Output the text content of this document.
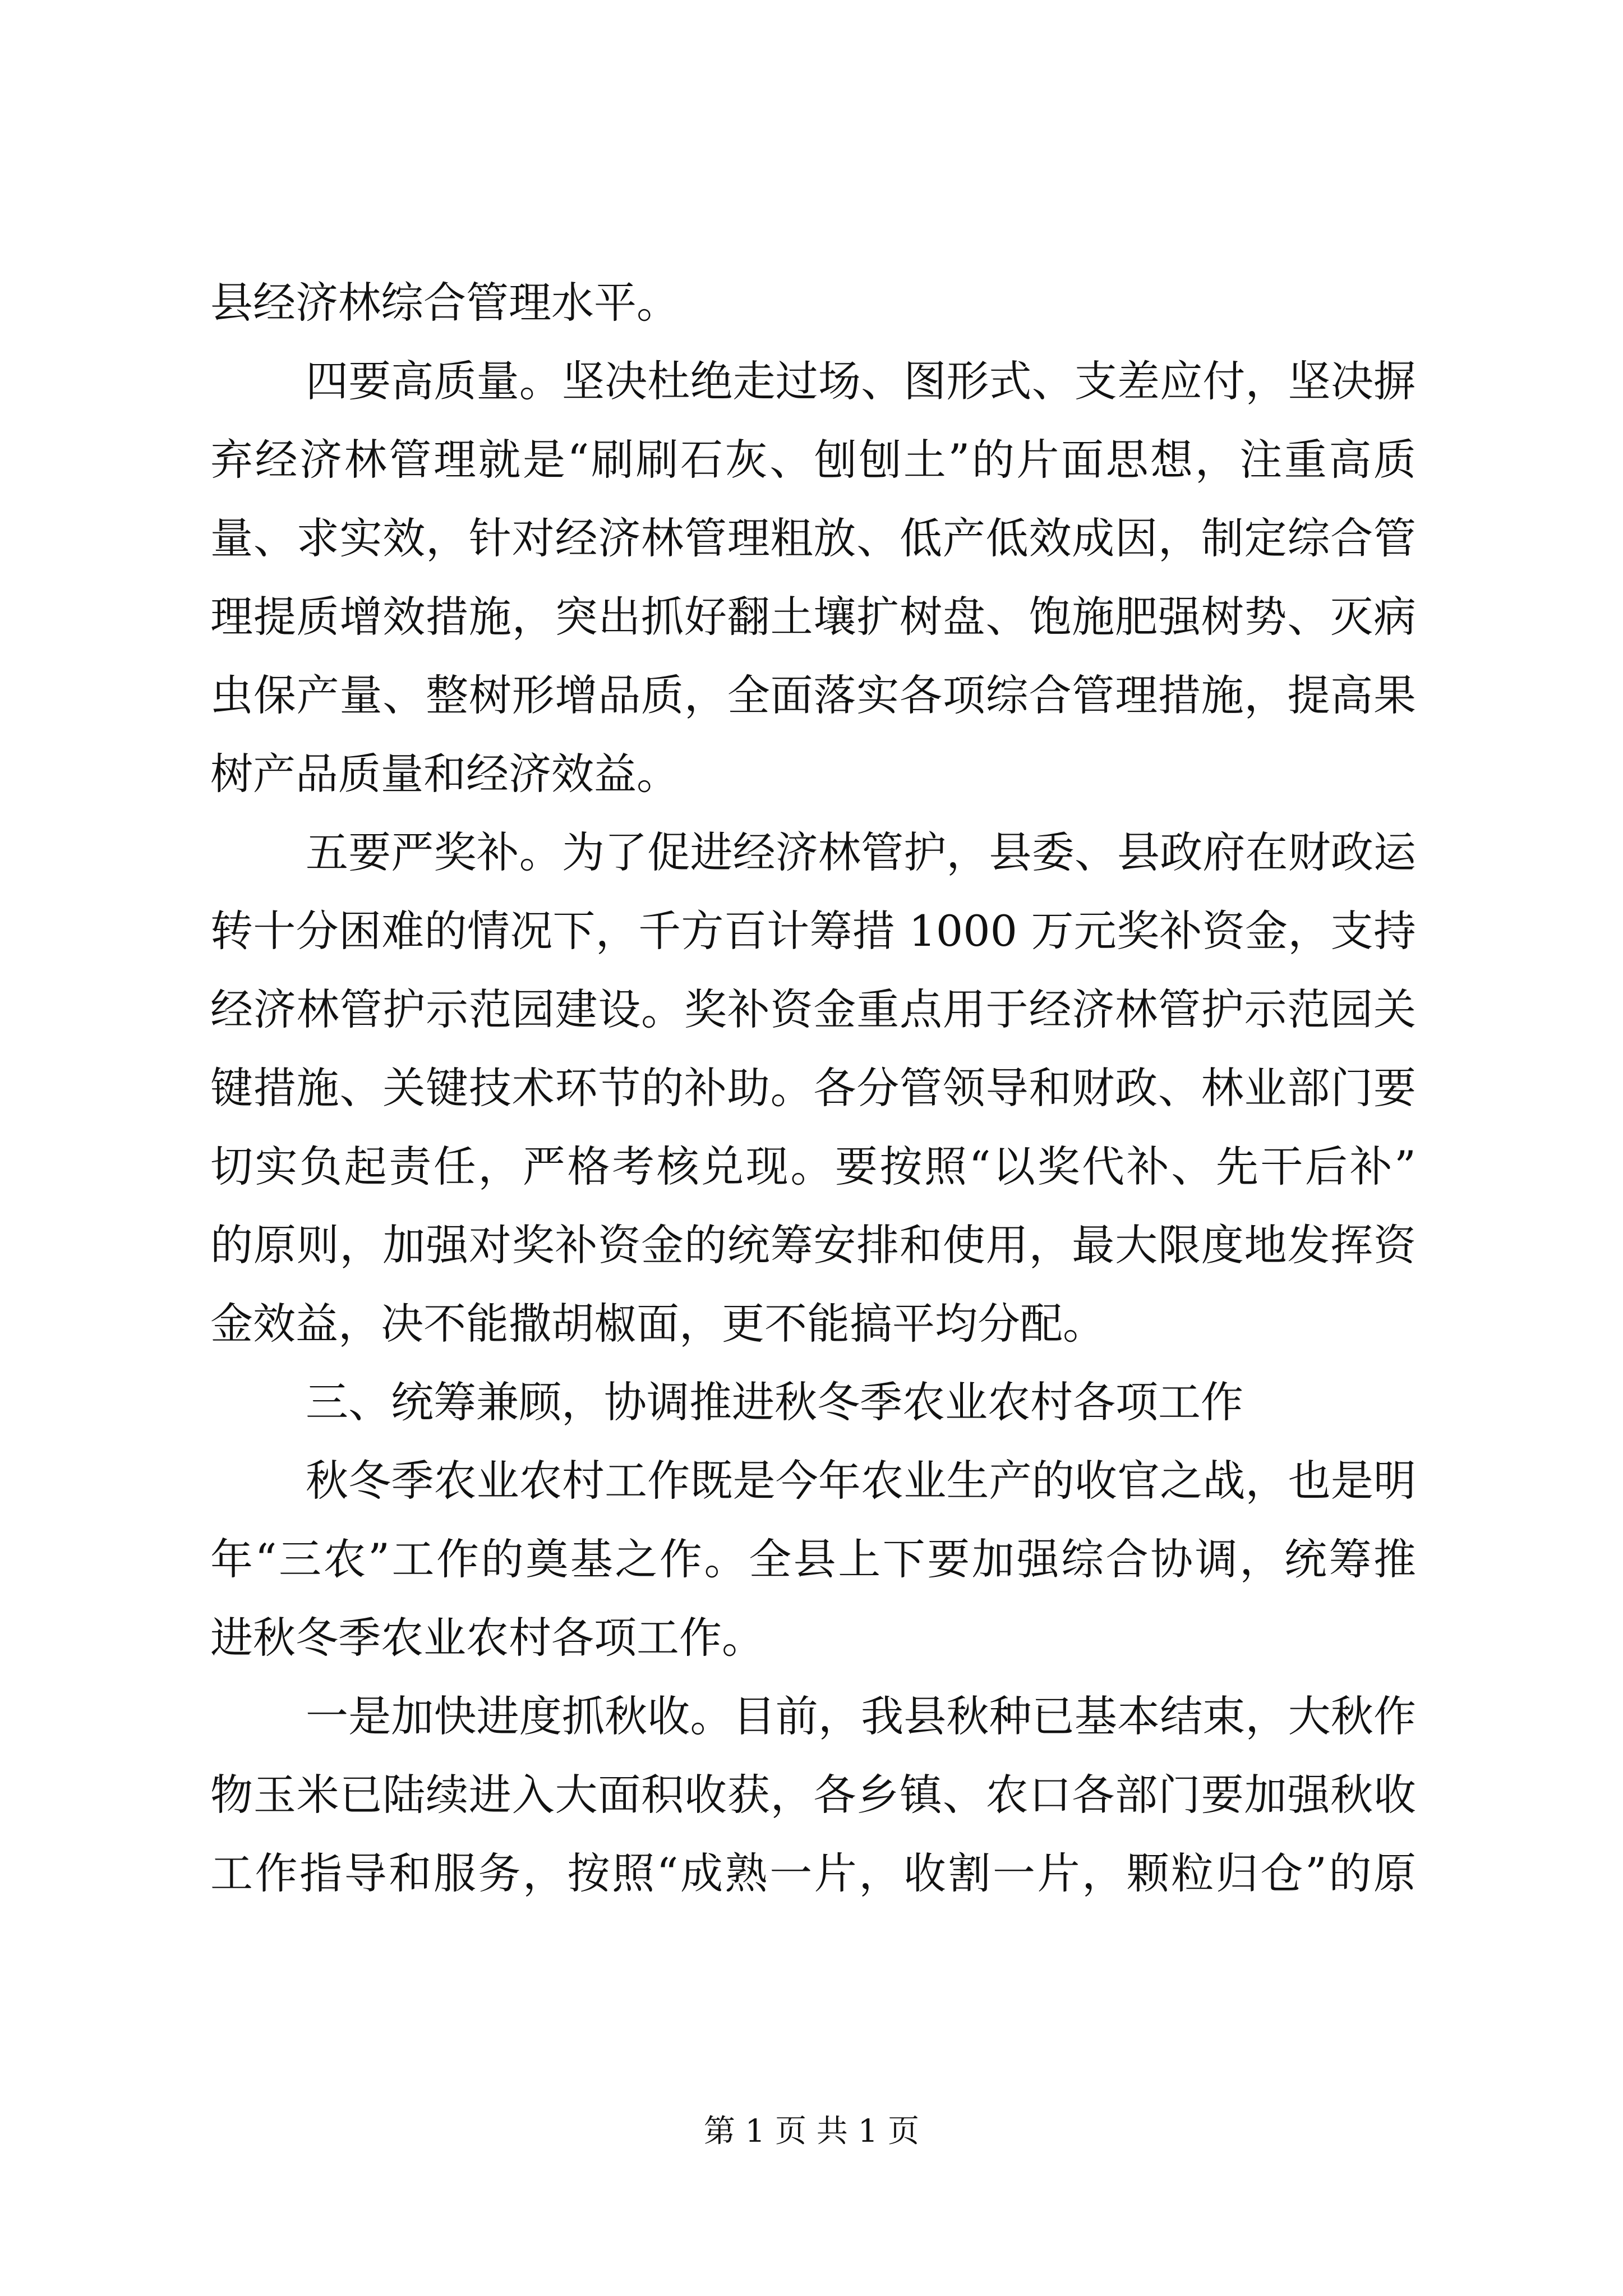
县经济林综合管理水平。
四要高质量。坚决杜绝走过场、图形式、支差应付，坚决摒
弃经济林管理就是“刷刷石灰、刨刨土”的片面思想，注重高质
量、求实效，针对经济林管理粗放、低产低效成因，制定综合管
理提质增效措施，突出抓好翻土壤扩树盘、饱施肥强树势、灭病
虫保产量、整树形增品质，全面落实各项综合管理措施，提高果
树产品质量和经济效益。
五要严奖补。为了促进经济林管护，县委、县政府在财政运
转十分困难的情况下，千方百计筹措 1000 万元奖补资金，支持
经济林管护示范园建设。奖补资金重点用于经济林管护示范园关
键措施、关键技术环节的补助。各分管领导和财政、林业部门要
切实负起责任，严格考核兑现。要按照“以奖代补、先干后补”
的原则，加强对奖补资金的统筹安排和使用，最大限度地发挥资
金效益，决不能撒胡椒面，更不能搞平均分配。
三、统筹兼顾，协调推进秋冬季农业农村各项工作
秋冬季农业农村工作既是今年农业生产的收官之战，也是明
年“三农”工作的奠基之作。全县上下要加强综合协调，统筹推
进秋冬季农业农村各项工作。
一是加快进度抓秋收。目前，我县秋种已基本结束，大秋作
物玉米已陆续进入大面积收获，各乡镇、农口各部门要加强秋收
工作指导和服务，按照“成熟一片，收割一片，颗粒归仓”的原
第 1 页 共 1 页
